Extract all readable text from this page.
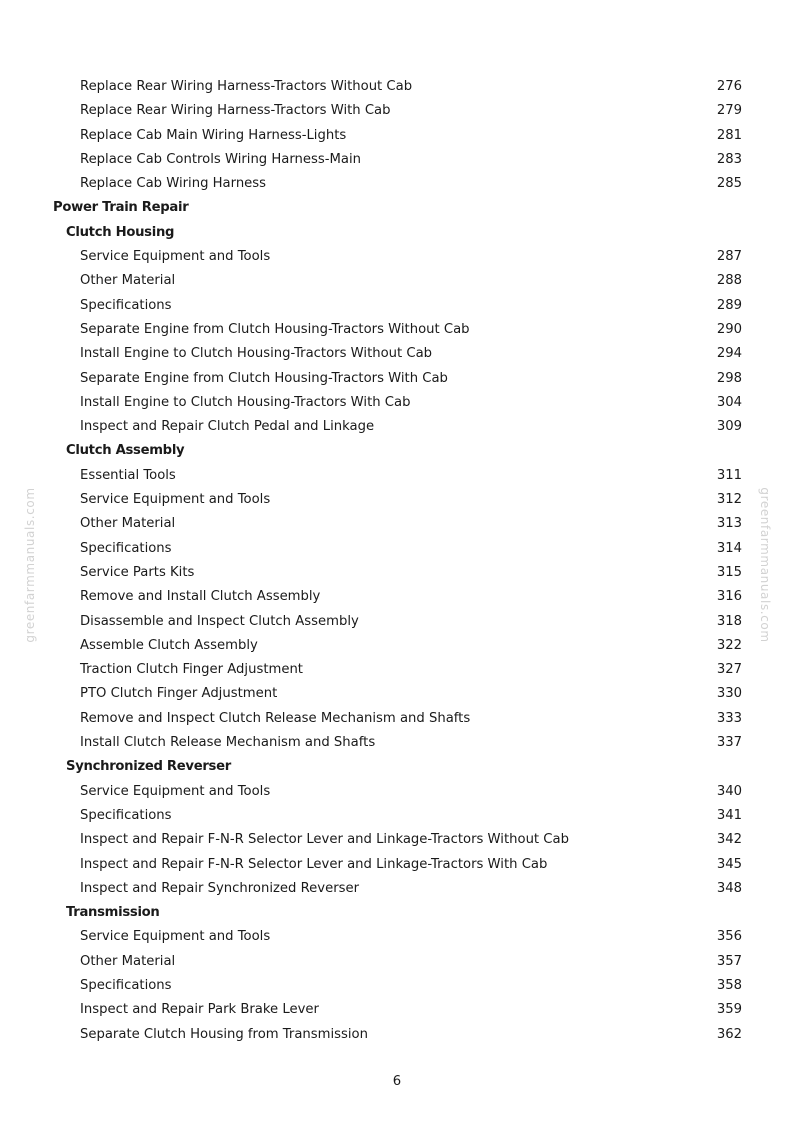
greenfarmmanuals.com	greenfarmmanuals.com
Replace Rear Wiring Harness-Tractors Without Cab	276
Replace Rear Wiring Harness-Tractors With Cab	279
Replace Cab Main Wiring Harness-Lights	281
Replace Cab Controls Wiring Harness-Main	283
Replace Cab Wiring Harness	285
Power Train Repair
Clutch Housing
Service Equipment and Tools	287
Other Material	288
Specifications	289
Separate Engine from Clutch Housing-Tractors Without Cab	290
Install Engine to Clutch Housing-Tractors Without Cab	294
Separate Engine from Clutch Housing-Tractors With Cab	298
Install Engine to Clutch Housing-Tractors With Cab	304
Inspect and Repair Clutch Pedal and Linkage	309
Clutch Assembly
Essential Tools	311
Service Equipment and Tools	312
Other Material	313
Specifications	314
Service Parts Kits	315
Remove and Install Clutch Assembly	316
Disassemble and Inspect Clutch Assembly	318
Assemble Clutch Assembly	322
Traction Clutch Finger Adjustment	327
PTO Clutch Finger Adjustment	330
Remove and Inspect Clutch Release Mechanism and Shafts	333
Install Clutch Release Mechanism and Shafts	337
Synchronized Reverser
Service Equipment and Tools	340
Specifications	341
Inspect and Repair F-N-R Selector Lever and Linkage-Tractors Without Cab	342
Inspect and Repair F-N-R Selector Lever and Linkage-Tractors With Cab	345
Inspect and Repair Synchronized Reverser	348
Transmission
Service Equipment and Tools	356
Other Material	357
Specifications	358
Inspect and Repair Park Brake Lever	359
Separate Clutch Housing from Transmission	362
6
